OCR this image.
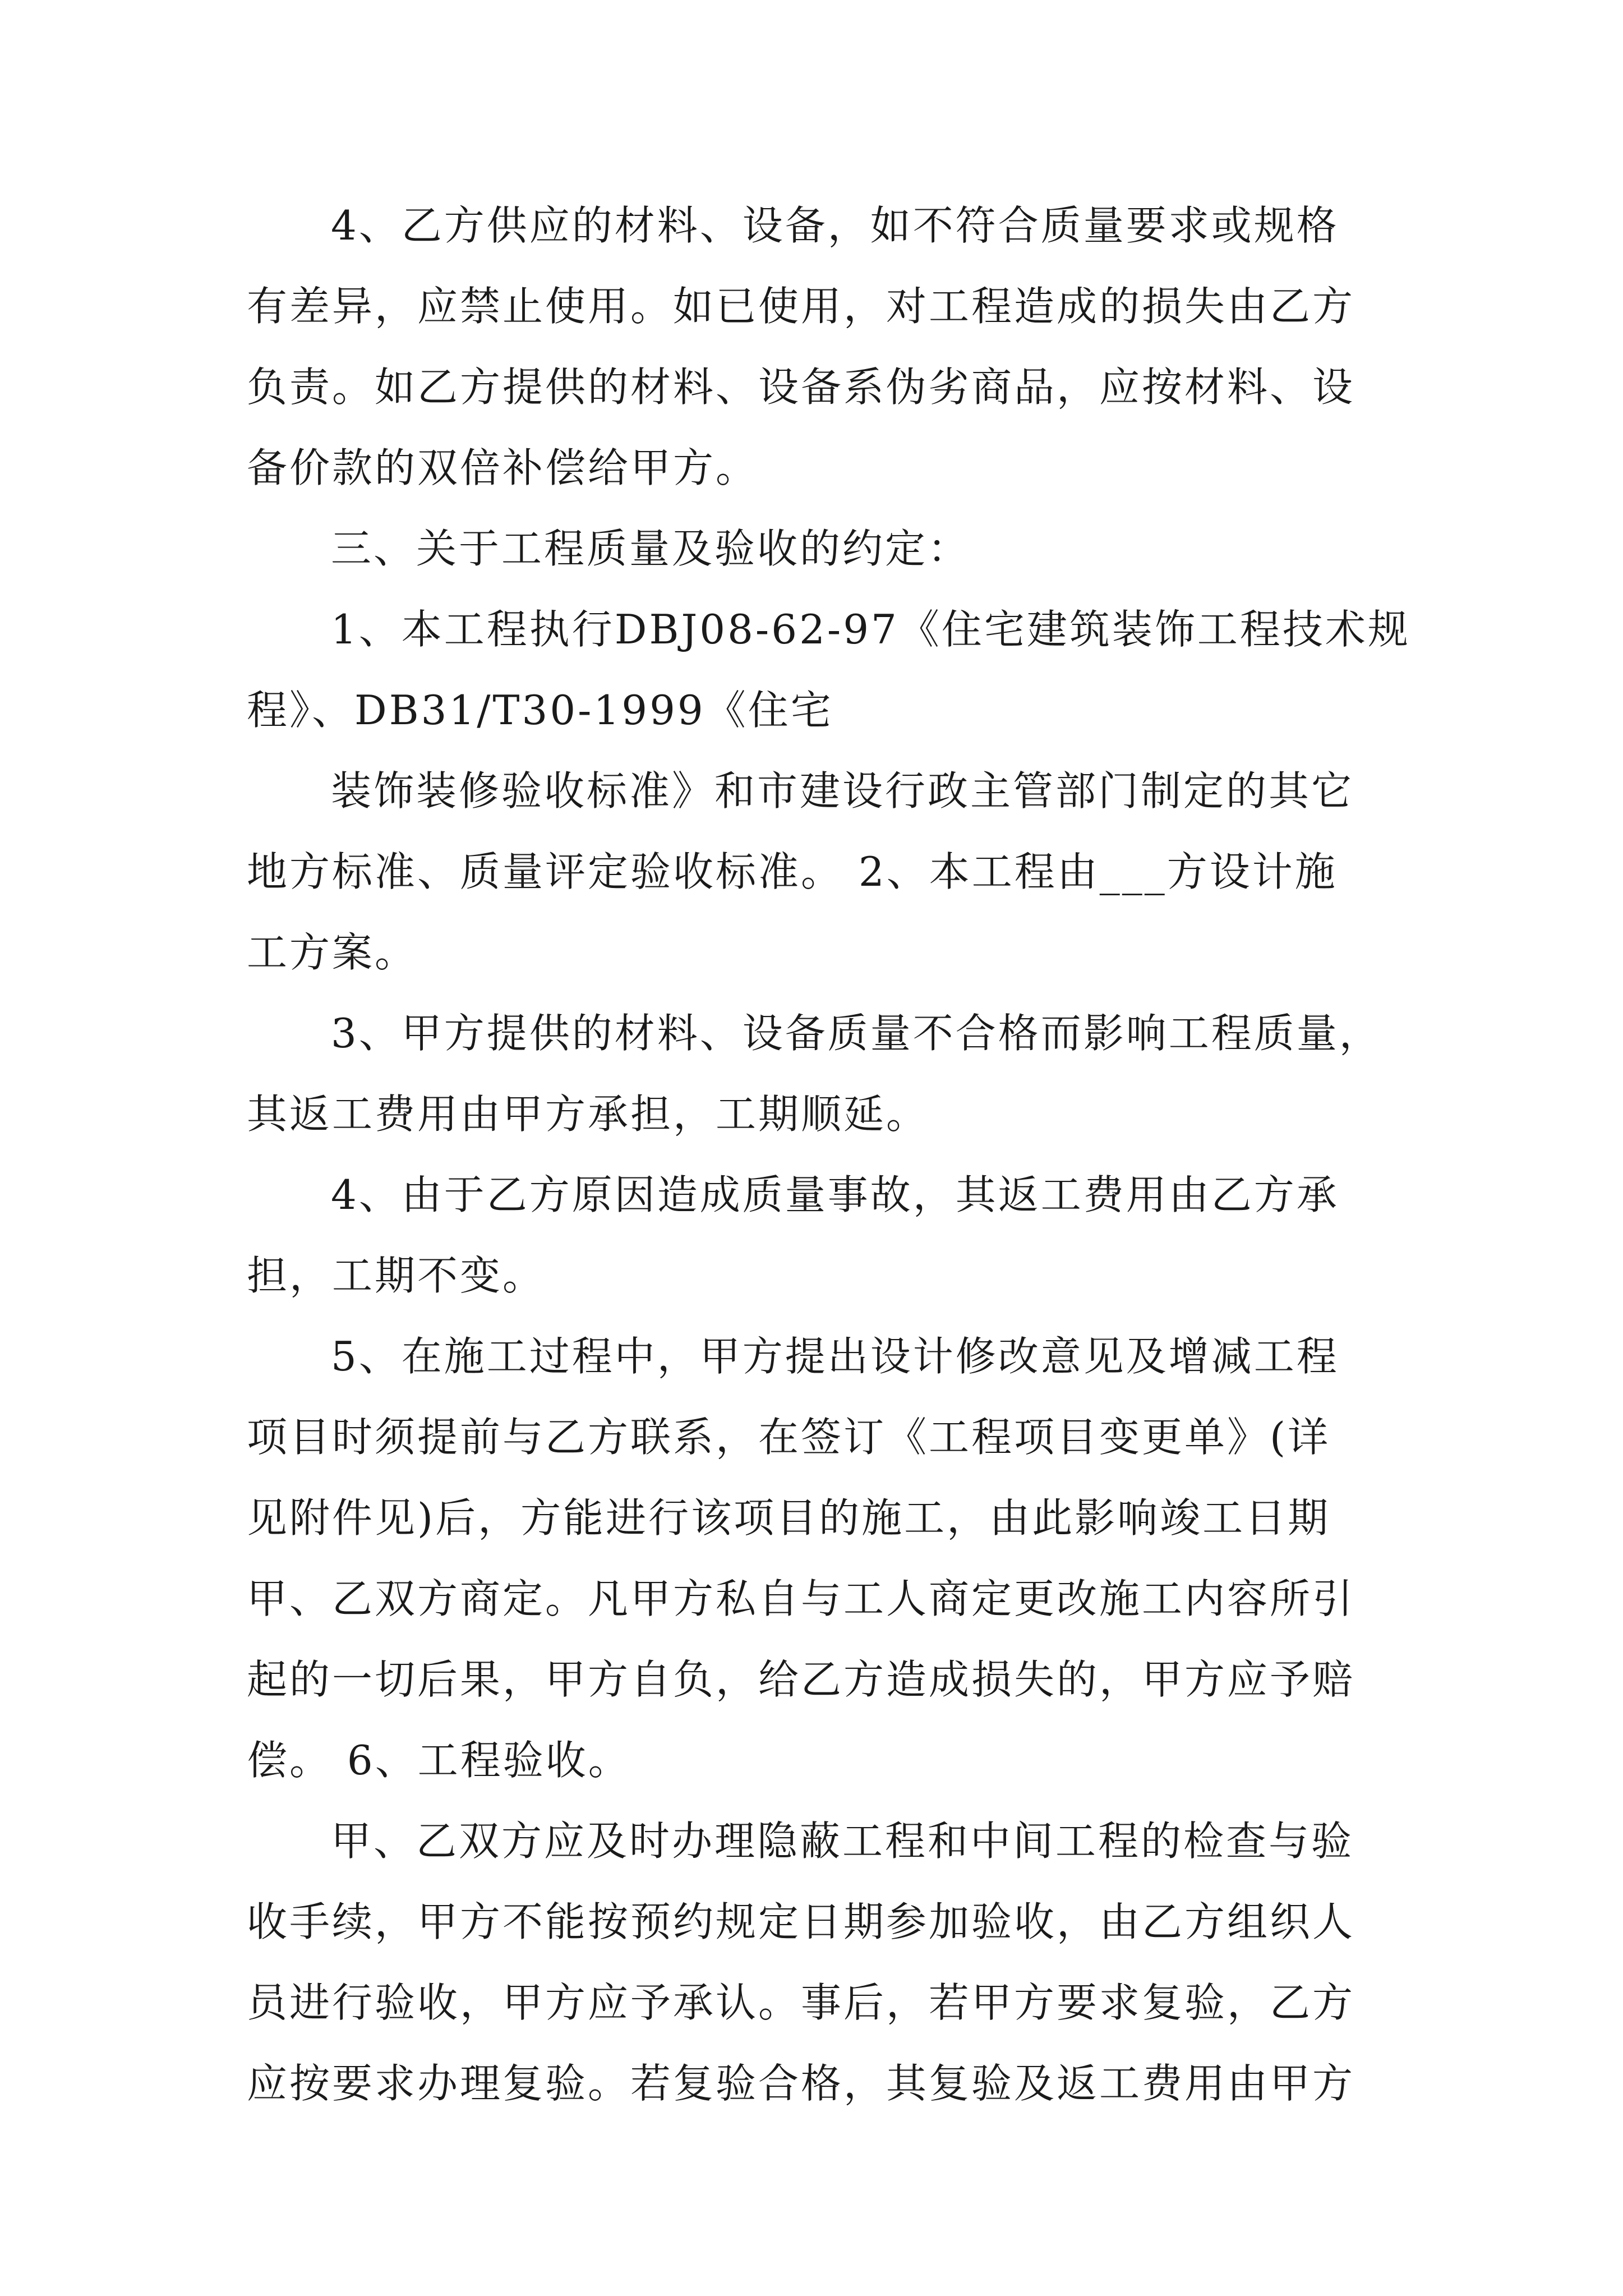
4、乙方供应的材料、设备，如不符合质量要求或规格
有差异，应禁止使用。如已使用，对工程造成的损失由乙方
负责。如乙方提供的材料、设备系伪劣商品，应按材料、设
备价款的双倍补偿给甲方。
三、关于工程质量及验收的约定：
1、本工程执行DBJ08-62-97《住宅建筑装饰工程技术规
程》、DB31/T30-1999《住宅
装饰装修验收标准》和市建设行政主管部门制定的其它
地方标准、质量评定验收标准。 2、本工程由___方设计施
工方案。
3、甲方提供的材料、设备质量不合格而影响工程质量，
其返工费用由甲方承担，工期顺延。
4、由于乙方原因造成质量事故，其返工费用由乙方承
担，工期不变。
5、在施工过程中，甲方提出设计修改意见及增减工程
项目时须提前与乙方联系，在签订《工程项目变更单》(详
见附件见)后，方能进行该项目的施工，由此影响竣工日期
甲、乙双方商定。凡甲方私自与工人商定更改施工内容所引
起的一切后果，甲方自负，给乙方造成损失的，甲方应予赔
偿。 6、工程验收。
甲、乙双方应及时办理隐蔽工程和中间工程的检查与验
收手续，甲方不能按预约规定日期参加验收，由乙方组织人
员进行验收，甲方应予承认。事后，若甲方要求复验，乙方
应按要求办理复验。若复验合格，其复验及返工费用由甲方
